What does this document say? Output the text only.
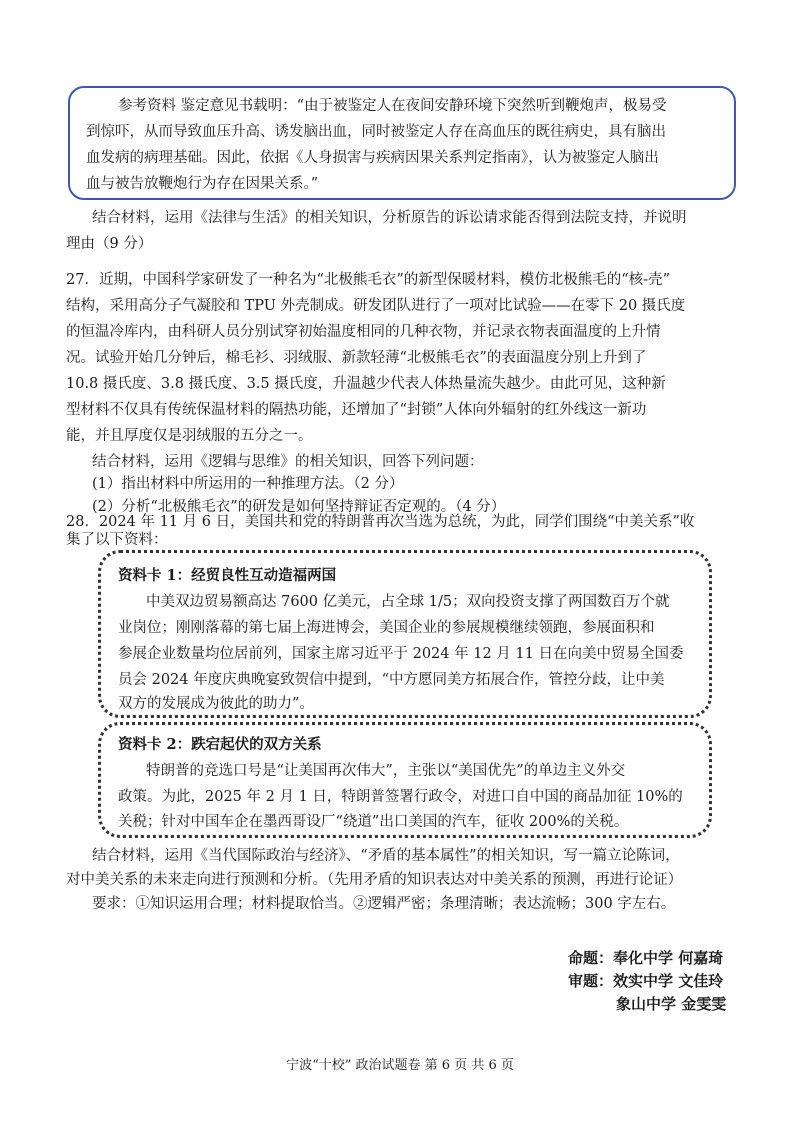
参考资料 鉴定意见书载明：“由于被鉴定人在夜间安静环境下突然听到鞭炮声，极易受
到惊吓，从而导致血压升高、诱发脑出血，同时被鉴定人存在高血压的既往病史，具有脑出
血发病的病理基础。因此，依据《人身损害与疾病因果关系判定指南》，认为被鉴定人脑出
血与被告放鞭炮行为存在因果关系。”
结合材料，运用《法律与生活》的相关知识，分析原告的诉讼请求能否得到法院支持，并说明
理由（9 分）
27．近期，中国科学家研发了一种名为“北极熊毛衣”的新型保暖材料，模仿北极熊毛的“核-壳”
结构，采用高分子气凝胶和 TPU 外壳制成。研发团队进行了一项对比试验——在零下 20 摄氏度
的恒温冷库内，由科研人员分别试穿初始温度相同的几种衣物，并记录衣物表面温度的上升情
况。试验开始几分钟后，棉毛衫、羽绒服、新款轻薄“北极熊毛衣”的表面温度分别上升到了
10.8 摄氏度、3.8 摄氏度、3.5 摄氏度，升温越少代表人体热量流失越少。由此可见，这种新
型材料不仅具有传统保温材料的隔热功能，还增加了“封锁”人体向外辐射的红外线这一新功
能，并且厚度仅是羽绒服的五分之一。
结合材料，运用《逻辑与思维》的相关知识，回答下列问题：
(1）指出材料中所运用的一种推理方法。（2 分）
(2）分析“北极熊毛衣”的研发是如何坚持辩证否定观的。（4 分）
28．2024 年 11 月 6 日，美国共和党的特朗普再次当选为总统，为此，同学们围绕“中美关系”收
集了以下资料：
资料卡 1：经贸良性互动造福两国
中美双边贸易额高达 7600 亿美元，占全球 1/5；双向投资支撑了两国数百万个就
业岗位；刚刚落幕的第七届上海进博会，美国企业的参展规模继续领跑，参展面积和
参展企业数量均位居前列，国家主席习近平于 2024 年 12 月 11 日在向美中贸易全国委
员会 2024 年度庆典晚宴致贺信中提到，“中方愿同美方拓展合作，管控分歧，让中美
双方的发展成为彼此的助力”。
资料卡 2：跌宕起伏的双方关系
特朗普的竞选口号是“让美国再次伟大”，主张以“美国优先”的单边主义外交
政策。为此，2025 年 2 月 1 日，特朗普签署行政令，对进口自中国的商品加征 10%的
关税；针对中国车企在墨西哥设厂“绕道”出口美国的汽车，征收 200%的关税。
结合材料，运用《当代国际政治与经济》、“矛盾的基本属性”的相关知识，写一篇立论陈词，
对中美关系的未来走向进行预测和分析。（先用矛盾的知识表达对中美关系的预测，再进行论证）
要求：①知识运用合理；材料提取恰当。②逻辑严密；条理清晰；表达流畅；300 字左右。
命题：奉化中学 何嘉琦
审题：效实中学 文佳玲
象山中学 金雯雯
宁波“十校” 政治试题卷 第 6 页 共 6 页
